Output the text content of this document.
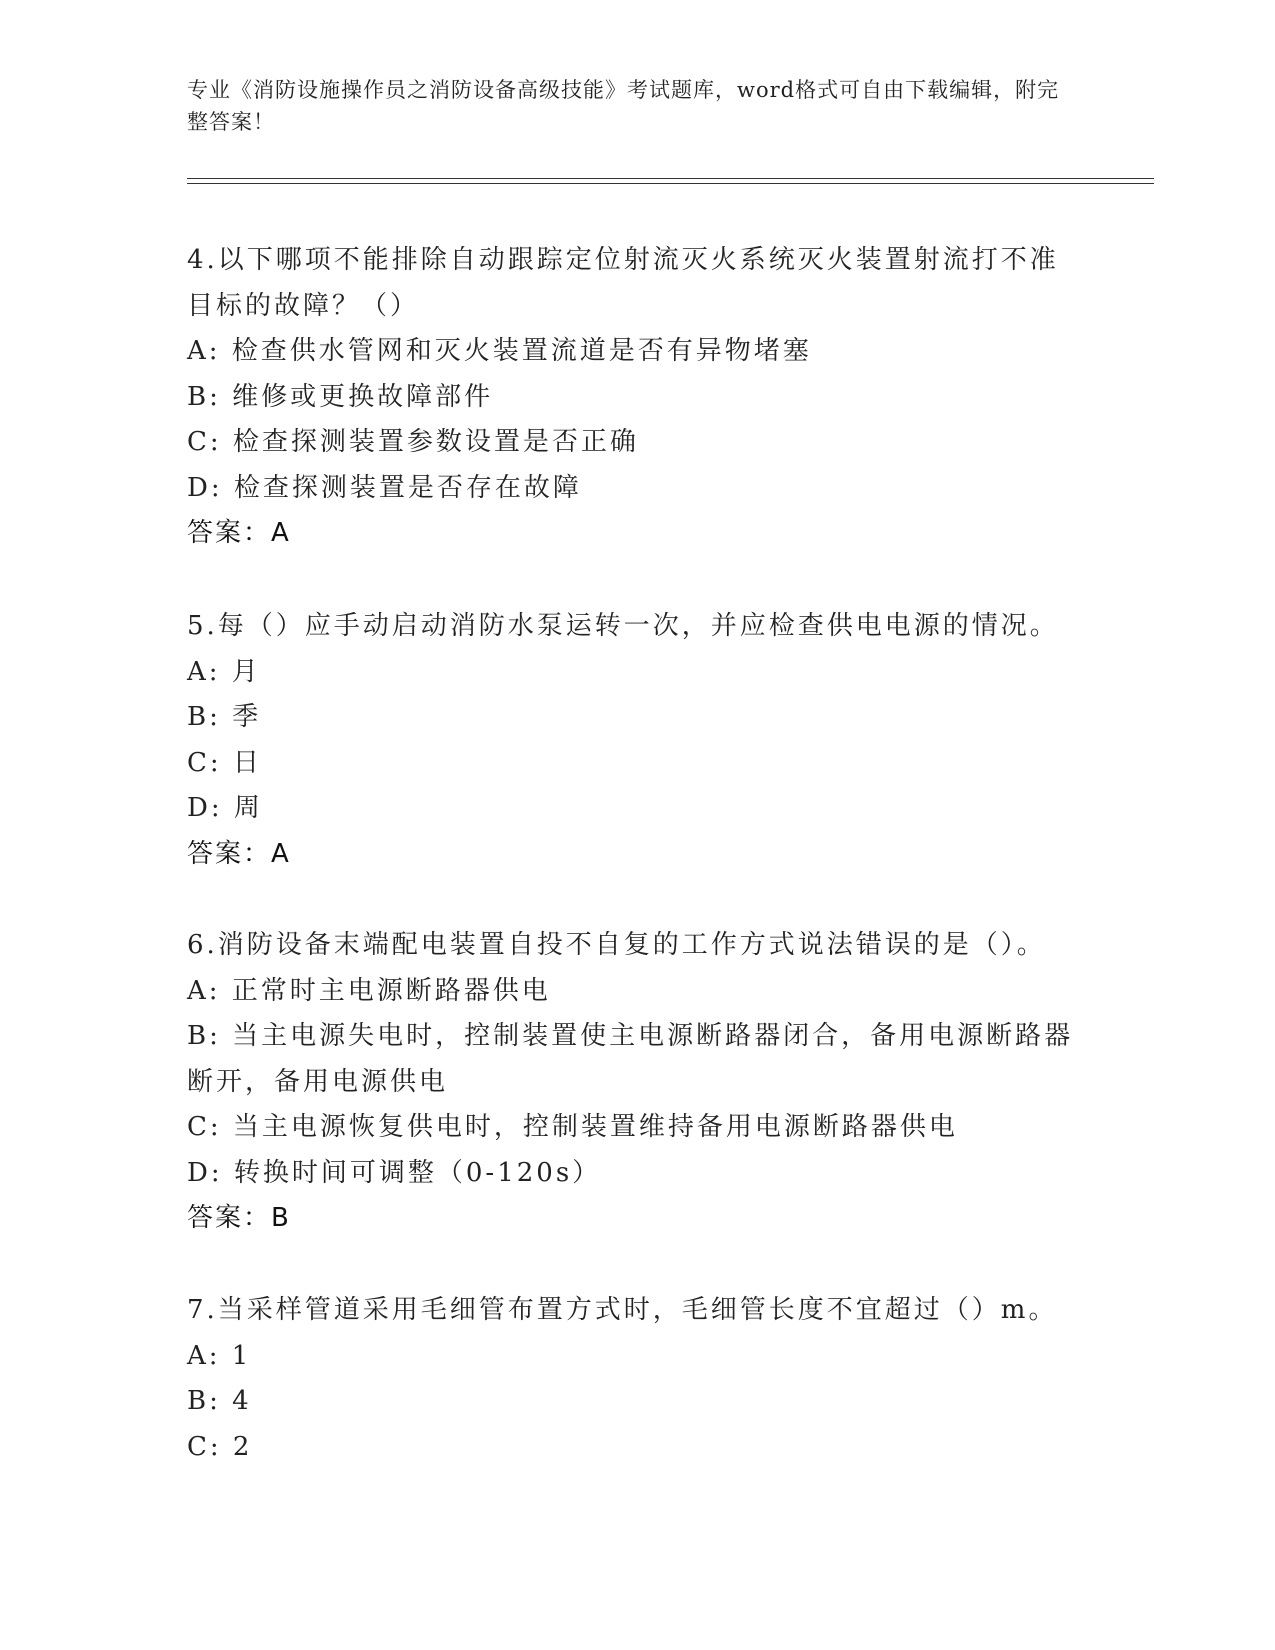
专业《消防设施操作员之消防设备高级技能》考试题库，word格式可自由下载编辑，附完整答案！
4.以下哪项不能排除自动跟踪定位射流灭火系统灭火装置射流打不准目标的故障？（）
A: 检查供水管网和灭火装置流道是否有异物堵塞
B: 维修或更换故障部件
C: 检查探测装置参数设置是否正确
D: 检查探测装置是否存在故障
答案：A
5.每（）应手动启动消防水泵运转一次，并应检查供电电源的情况。
A: 月
B: 季
C: 日
D: 周
答案：A
6.消防设备末端配电装置自投不自复的工作方式说法错误的是（）。
A: 正常时主电源断路器供电
B: 当主电源失电时，控制装置使主电源断路器闭合，备用电源断路器断开，备用电源供电
C: 当主电源恢复供电时，控制装置维持备用电源断路器供电
D: 转换时间可调整（0-120s）
答案：B
7.当采样管道采用毛细管布置方式时，毛细管长度不宜超过（）m。
A: 1
B: 4
C: 2
